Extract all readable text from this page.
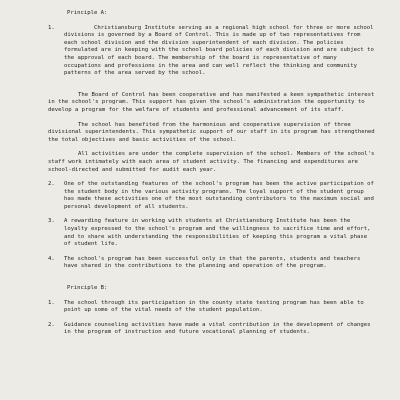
Principle A:
1.	Christiansburg Institute serving as a regional high school for three or more school divisions is governed by a Board of Control. This is made up of two representatives from each school division and the division superintendent of each division. The policies formulated are in keeping with the school board policies of each division and are subject to the approval of each board. The membership of the board is representative of many occupations and professions in the area and can well reflect the thinking and community patterns of the area served by the school.
The Board of Control has been cooperative and has manifested a keen sympathetic interest in the school's program. This support has given the school's administration the opportunity to develop a program for the welfare of students and professional advancement of its staff.
The school has benefited from the harmonious and cooperative supervision of three divisional superintendents. This sympathetic support of our staff in its program has strengthened the total objectives and basic activities of the school.
All activities are under the complete supervision of the school. Members of the school's staff work intimately with each area of student activity. The financing and expenditures are school-directed and submitted for audit each year.
2.	One of the outstanding features of the school's program has been the active participation of the student body in the various activity programs. The loyal support of the student group has made these activities one of the most outstanding contributors to the maximum social and personal development of all students.
3.	A rewarding feature in working with students at Christiansburg Institute has been the loyalty expressed to the school's program and the willingness to sacrifice time and effort, and to share with understanding the responsibilities of keeping this program a vital phase of student life.
4.	The school's program has been successful only in that the parents, students and teachers have shared in the contributions to the planning and operation of the program.
Principle B:
1.	The school through its participation in the county state testing program has been able to point up some of the vital needs of the student population.
2.	Guidance counseling activities have made a vital contribution in the development of changes in the program of instruction and future vocational planning of students.
